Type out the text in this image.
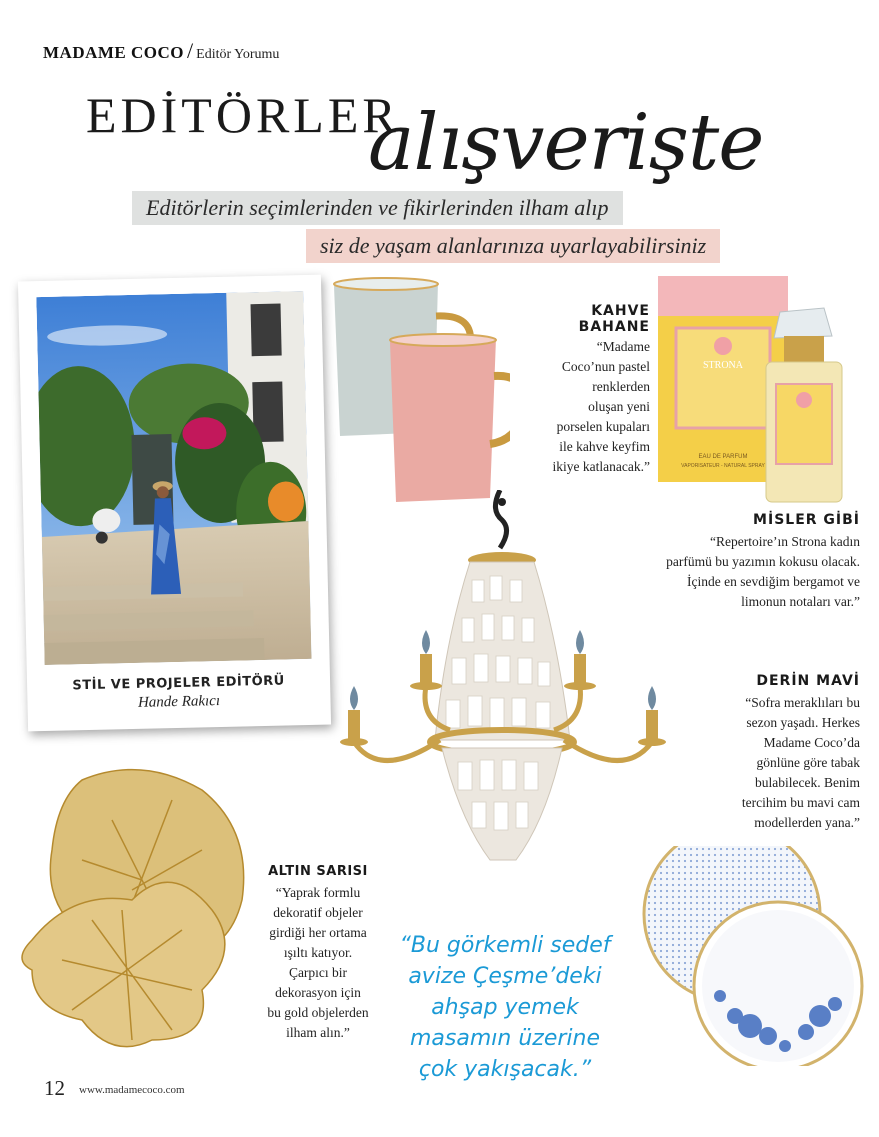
MADAME COCO / Editör Yorumu
EDİTÖRLER
alışverişte
Editörlerin seçimlerinden ve fikirlerinden ilham alıp
siz de yaşam alanlarınıza uyarlayabilirsiniz
STİL VE PROJELER EDİTÖRÜ
Hande Rakıcı
KAHVE
BAHANE
“Madame
Coco’nun pastel
renklerden
oluşan yeni
porselen kupaları
ile kahve keyfim
ikiye katlanacak.”
STRONA
EAU DE PARFUM
VAPORISATEUR - NATURAL SPRAY
MİSLER GİBİ
“Repertoire’ın Strona kadın
parfümü bu yazımın kokusu olacak.
İçinde en sevdiğim bergamot ve
limonun notaları var.”
DERİN MAVİ
“Sofra meraklıları bu
sezon yaşadı. Herkes
Madame Coco’da
gönlüne göre tabak
bulabilecek. Benim
tercihim bu mavi cam
modellerden yana.”
ALTIN SARISI
“Yaprak formlu
dekoratif objeler
girdiği her ortama
ışıltı katıyor.
Çarpıcı bir
dekorasyon için
bu gold objelerden
ilham alın.”
“Bu görkemli sedef
avize Çeşme’deki
ahşap yemek
masamın üzerine
çok yakışacak.”
12 www.madamecoco.com
